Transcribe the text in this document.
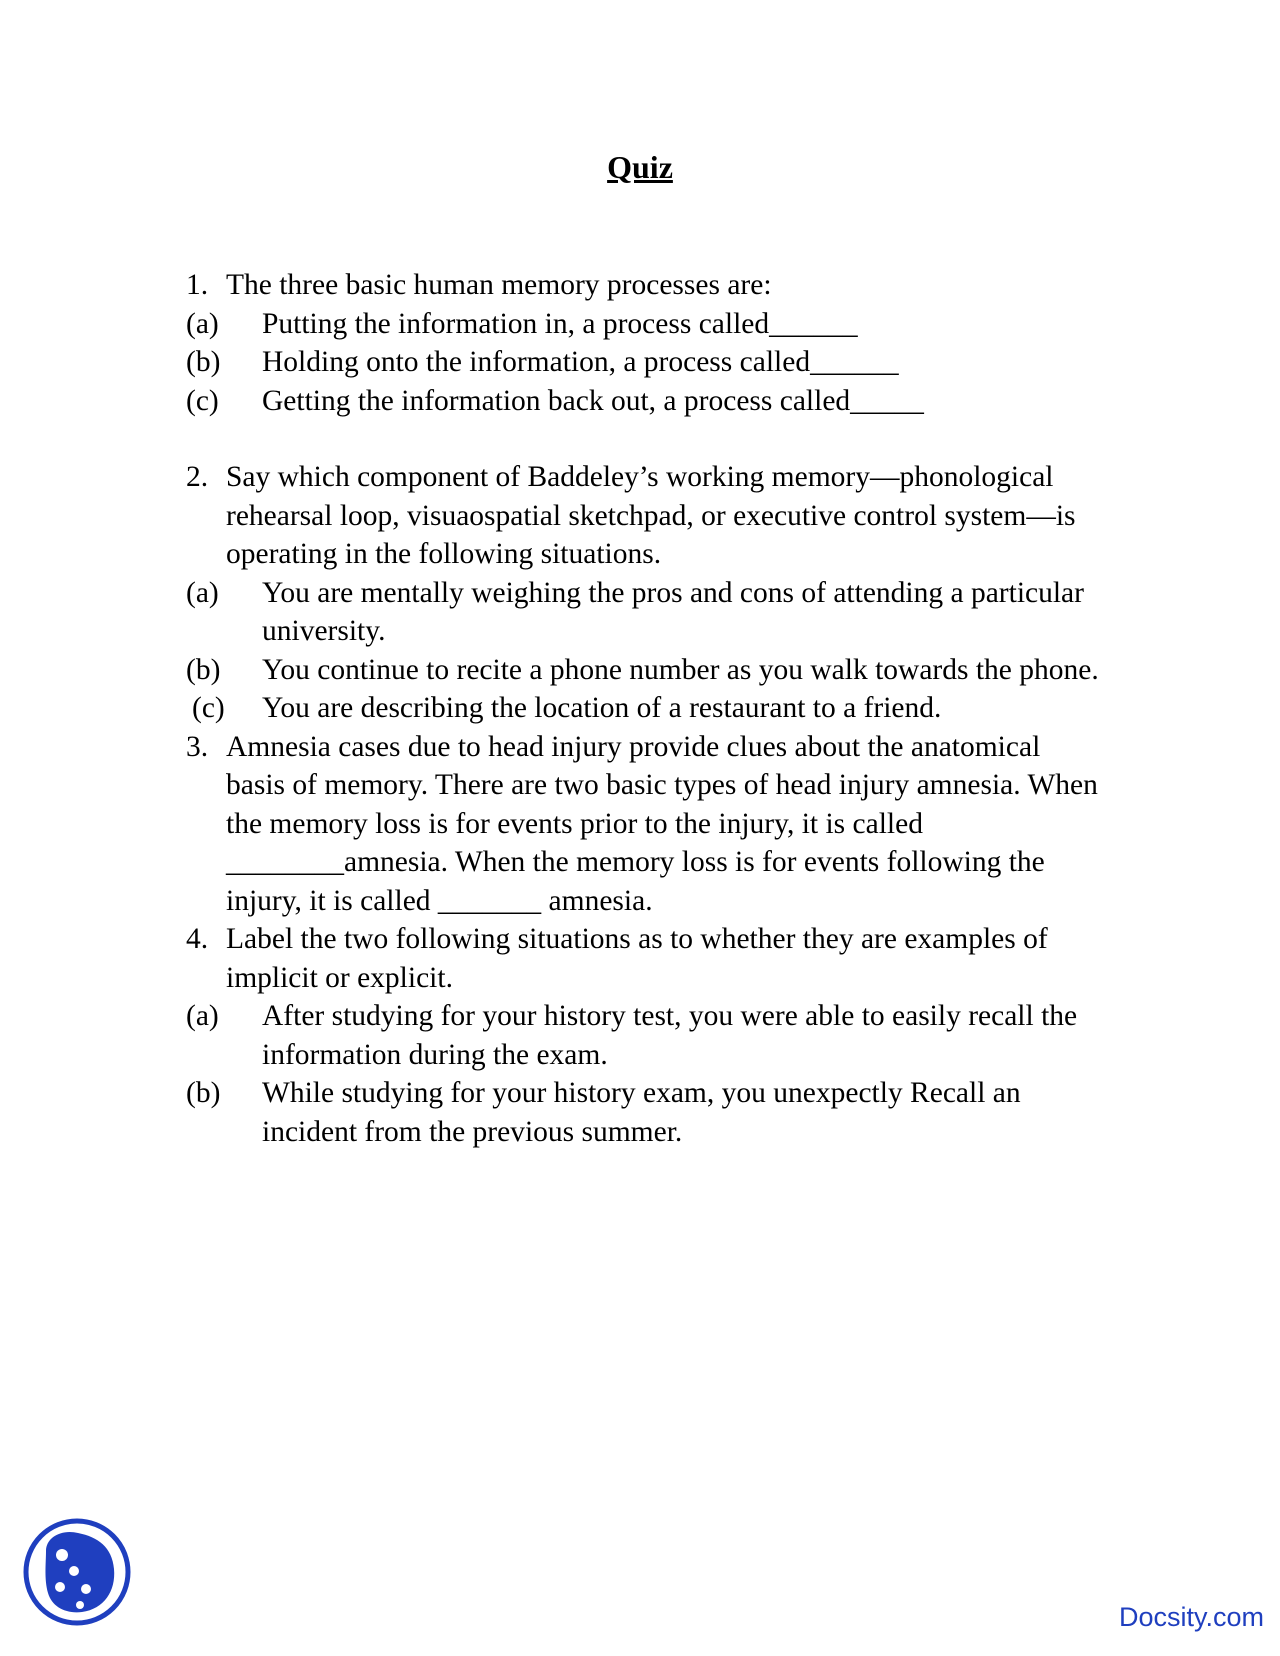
Quiz
1. The three basic human memory processes are:
(a) Putting the information in, a process called______
(b) Holding onto the information, a process called______
(c) Getting the information back out, a process called_____
2. Say which component of Baddeley’s working memory—phonological rehearsal loop, visuaospatial sketchpad, or executive control system—is operating in the following situations.
(a) You are mentally weighing the pros and cons of attending a particular university.
(b) You continue to recite a phone number as you walk towards the phone.
(c) You are describing the location of a restaurant to a friend.
3. Amnesia cases due to head injury provide clues about the anatomical basis of memory. There are two basic types of head injury amnesia. When the memory loss is for events prior to the injury, it is called ________amnesia. When the memory loss is for events following the injury, it is called _______ amnesia.
4. Label the two following situations as to whether they are examples of implicit or explicit.
(a) After studying for your history test, you were able to easily recall the information during the exam.
(b) While studying for your history exam, you unexpectly Recall an incident from the previous summer.
Docsity.com
